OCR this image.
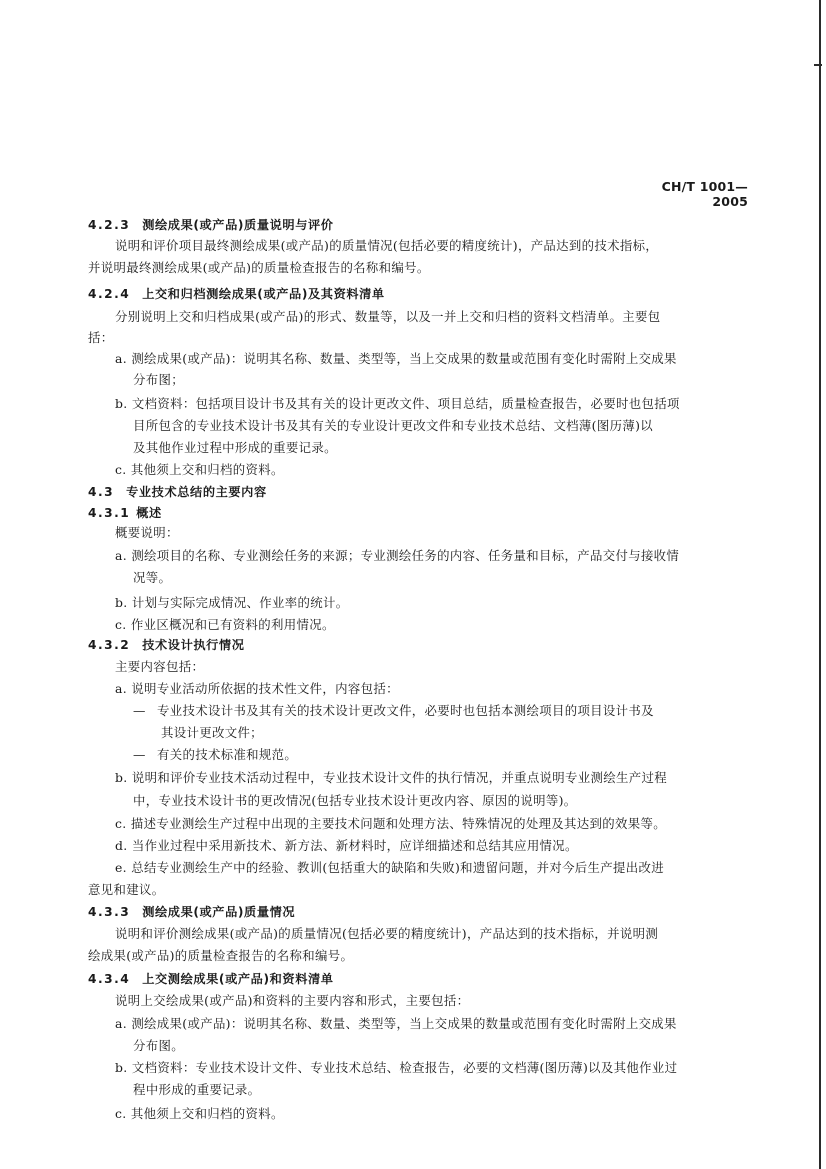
CH/T 1001—2005
4.2.3 测绘成果(或产品)质量说明与评价
说明和评价项目最终测绘成果(或产品)的质量情况(包括必要的精度统计)，产品达到的技术指标，
并说明最终测绘成果(或产品)的质量检查报告的名称和编号。
4.2.4 上交和归档测绘成果(或产品)及其资料清单
分别说明上交和归档成果(或产品)的形式、数量等，以及一并上交和归档的资料文档清单。主要包
括：
a. 测绘成果(或产品)：说明其名称、数量、类型等，当上交成果的数量或范围有变化时需附上交成果
分布图；
b. 文档资料：包括项目设计书及其有关的设计更改文件、项目总结，质量检查报告，必要时也包括项
目所包含的专业技术设计书及其有关的专业设计更改文件和专业技术总结、文档薄(图历薄)以
及其他作业过程中形成的重要记录。
c. 其他须上交和归档的资料。
4.3 专业技术总结的主要内容
4.3.1 概述
概要说明：
a. 测绘项目的名称、专业测绘任务的来源；专业测绘任务的内容、任务量和目标，产品交付与接收情
况等。
b. 计划与实际完成情况、作业率的统计。
c. 作业区概况和已有资料的利用情况。
4.3.2 技术设计执行情况
主要内容包括：
a. 说明专业活动所依据的技术性文件，内容包括：
— 专业技术设计书及其有关的技术设计更改文件，必要时也包括本测绘项目的项目设计书及
其设计更改文件；
— 有关的技术标准和规范。
b. 说明和评价专业技术活动过程中，专业技术设计文件的执行情况，并重点说明专业测绘生产过程
中，专业技术设计书的更改情况(包括专业技术设计更改内容、原因的说明等)。
c. 描述专业测绘生产过程中出现的主要技术问题和处理方法、特殊情况的处理及其达到的效果等。
d. 当作业过程中采用新技术、新方法、新材料时，应详细描述和总结其应用情况。
e. 总结专业测绘生产中的经验、教训(包括重大的缺陷和失败)和遗留问题，并对今后生产提出改进
意见和建议。
4.3.3 测绘成果(或产品)质量情况
说明和评价测绘成果(或产品)的质量情况(包括必要的精度统计)，产品达到的技术指标，并说明测
绘成果(或产品)的质量检查报告的名称和编号。
4.3.4 上交测绘成果(或产品)和资料清单
说明上交绘成果(或产品)和资料的主要内容和形式，主要包括：
a. 测绘成果(或产品)：说明其名称、数量、类型等，当上交成果的数量或范围有变化时需附上交成果
分布图。
b. 文档资料：专业技术设计文件、专业技术总结、检查报告，必要的文档薄(图历薄)以及其他作业过
程中形成的重要记录。
c. 其他须上交和归档的资料。
